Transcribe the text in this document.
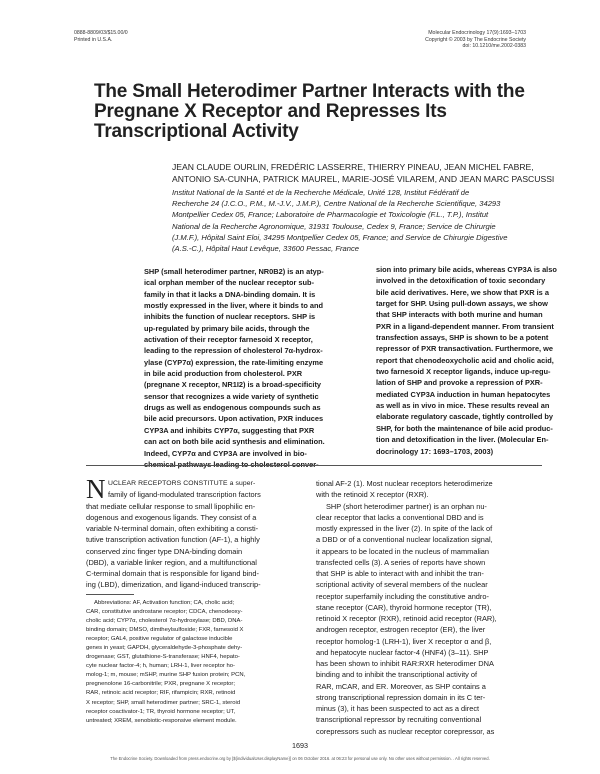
0888-8809/03/$15.00/0
Printed in U.S.A.
Molecular Endocrinology 17(9):1693–1703
Copyright © 2003 by The Endocrine Society
doi: 10.1210/me.2002-0383
The Small Heterodimer Partner Interacts with the
Pregnane X Receptor and Represses Its
Transcriptional Activity
JEAN CLAUDE OURLIN, FREDÉRIC LASSERRE, THIERRY PINEAU, JEAN MICHEL FABRE,
ANTONIO SA-CUNHA, PATRICK MAUREL, MARIE-JOSÉ VILAREM, AND JEAN MARC PASCUSSI
Institut National de la Santé et de la Recherche Médicale, Unité 128, Institut Fédératif de
Recherche 24 (J.C.O., P.M., M.-J.V., J.M.P.), Centre National de la Recherche Scientifique, 34293
Montpellier Cedex 05, France; Laboratoire de Pharmacologie et Toxicologie (F.L., T.P.), Institut
National de la Recherche Agronomique, 31931 Toulouse, Cedex 9, France; Service de Chirurgie
(J.M.F.), Hôpital Saint Eloi, 34295 Montpellier Cedex 05, France; and Service de Chirurgie Digestive
(A.S.-C.), Hôpital Haut Levêque, 33600 Pessac, France
SHP (small heterodimer partner, NR0B2) is an atyp-
ical orphan member of the nuclear receptor sub-
family in that it lacks a DNA-binding domain. It is
mostly expressed in the liver, where it binds to and
inhibits the function of nuclear receptors. SHP is
up-regulated by primary bile acids, through the
activation of their receptor farnesoid X receptor,
leading to the repression of cholesterol 7α-hydrox-
ylase (CYP7α) expression, the rate-limiting enzyme
in bile acid production from cholesterol. PXR
(pregnane X receptor, NR1I2) is a broad-specificity
sensor that recognizes a wide variety of synthetic
drugs as well as endogenous compounds such as
bile acid precursors. Upon activation, PXR induces
CYP3A and inhibits CYP7α, suggesting that PXR
can act on both bile acid synthesis and elimination.
Indeed, CYP7α and CYP3A are involved in bio-
chemical pathways leading to cholesterol conver-
sion into primary bile acids, whereas CYP3A is also
involved in the detoxification of toxic secondary
bile acid derivatives. Here, we show that PXR is a
target for SHP. Using pull-down assays, we show
that SHP interacts with both murine and human
PXR in a ligand-dependent manner. From transient
transfection assays, SHP is shown to be a potent
repressor of PXR transactivation. Furthermore, we
report that chenodeoxycholic acid and cholic acid,
two farnesoid X receptor ligands, induce up-regu-
lation of SHP and provoke a repression of PXR-
mediated CYP3A induction in human hepatocytes
as well as in vivo in mice. These results reveal an
elaborate regulatory cascade, tightly controlled by
SHP, for both the maintenance of bile acid produc-
tion and detoxification in the liver. (Molecular En-
docrinology 17: 1693–1703, 2003)
N UCLEAR RECEPTORS CONSTITUTE a super-
family of ligand-modulated transcription factors
that mediate cellular response to small lipophilic en-
dogenous and exogenous ligands. They consist of a
variable N-terminal domain, often exhibiting a consti-
tutive transcription activation function (AF-1), a highly
conserved zinc finger type DNA-binding domain
(DBD), a variable linker region, and a multifunctional
C-terminal domain that is responsible for ligand bind-
ing (LBD), dimerization, and ligand-induced transcrip-
Abbreviations: AF, Activation function; CA, cholic acid;
CAR, constitutive androstane receptor; CDCA, chenodeoxy-
cholic acid; CYP7α, cholesterol 7α-hydroxylase; DBD, DNA-
binding domain; DMSO, dimtheylsulfoxide; FXR, farnesoid X
receptor; GAL4, positive regulator of galactose inducible
genes in yeast; GAPDH, glyceraldehyde-3-phosphate dehy-
drogenase; GST, glutathione-S-transferase; HNF4, hepato-
cyte nuclear factor-4; h, human; LRH-1, liver receptor ho-
molog-1; m, mouse; mSHP, murine SHP fusion protein; PCN,
pregnenolone 16-carbonitrile; PXR, pregnane X receptor;
RAR, retinoic acid receptor; RIF, rifampicin; RXR, retinoid
X receptor; SHP, small heterodimer partner; SRC-1, steroid
receptor coactivator-1; TR, thyroid hormone receptor; UT,
untreated; XREM, xenobiotic-responsive element module.
tional AF-2 (1). Most nuclear receptors heterodimerize
with the retinoid X receptor (RXR).
SHP (short heterodimer partner) is an orphan nu-
clear receptor that lacks a conventional DBD and is
mostly expressed in the liver (2). In spite of the lack of
a DBD or of a conventional nuclear localization signal,
it appears to be located in the nucleus of mammalian
transfected cells (3). A series of reports have shown
that SHP is able to interact with and inhibit the tran-
scriptional activity of several members of the nuclear
receptor superfamily including the constitutive andro-
stane receptor (CAR), thyroid hormone receptor (TR),
retinoid X receptor (RXR), retinoid acid receptor (RAR),
androgen receptor, estrogen receptor (ER), the liver
receptor homolog-1 (LRH-1), liver X receptor α and β,
and hepatocyte nuclear factor-4 (HNF4) (3–11). SHP
has been shown to inhibit RAR:RXR heterodimer DNA
binding and to inhibit the transcriptional activity of
RAR, mCAR, and ER. Moreover, as SHP contains a
strong transcriptional repression domain in its C ter-
minus (3), it has been suspected to act as a direct
transcriptional repressor by recruiting conventional
corepressors such as nuclear receptor corepressor, as
1693
The Endocrine Society. Downloaded from press.endocrine.org by [${individualUser.displayName}] on 06 October 2016. at 06:23 for personal use only. No other uses without permission. . All rights reserved.
